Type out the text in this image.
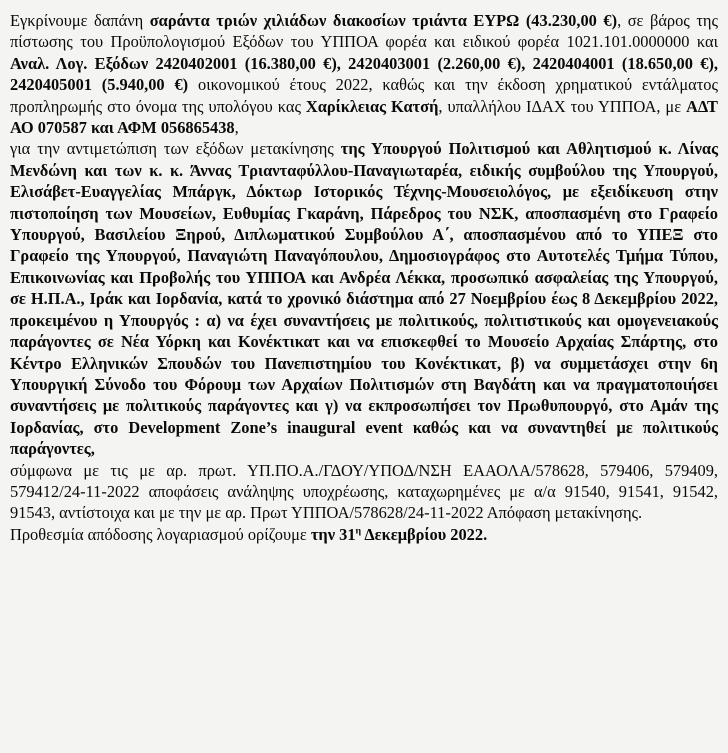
Εγκρίνουμε δαπάνη σαράντα τριών χιλιάδων διακοσίων τριάντα ΕΥΡΩ (43.230,00 €), σε βάρος της πίστωσης του Προϋπολογισμού Εξόδων του ΥΠΠΟΑ φορέα και ειδικού φορέα 1021.101.0000000 και Αναλ. Λογ. Εξόδων 2420402001 (16.380,00 €), 2420403001 (2.260,00 €), 2420404001 (18.650,00 €), 2420405001 (5.940,00 €) οικονομικού έτους 2022, καθώς και την έκδοση χρηματικού εντάλματος προπληρωμής στο όνομα της υπολόγου κας Χαρίκλειας Κατσή, υπαλλήλου ΙΔΑΧ του ΥΠΠΟΑ, με ΑΔΤ ΑΟ 070587 και ΑΦΜ 056865438,

για την αντιμετώπιση των εξόδων μετακίνησης της Υπουργού Πολιτισμού και Αθλητισμού κ. Λίνας Μενδώνη και των κ. κ. Άννας Τριανταφύλλου-Παναγιωταρέα, ειδικής συμβούλου της Υπουργού, Ελισάβετ-Ευαγγελίας Μπάργκ, Δόκτωρ Ιστορικός Τέχνης-Μουσειολόγος, με εξειδίκευση στην πιστοποίηση των Μουσείων, Ευθυμίας Γκαράνη, Πάρεδρος του ΝΣΚ, αποσπασμένη στο Γραφείο Υπουργού, Βασιλείου Ξηρού, Διπλωματικού Συμβούλου Α΄, αποσπασμένου από το ΥΠΕΞ στο Γραφείο της Υπουργού, Παναγιώτη Παναγόπουλου, Δημοσιογράφος στο Αυτοτελές Τμήμα Τύπου, Επικοινωνίας και Προβολής του ΥΠΠΟΑ και Ανδρέα Λέκκα, προσωπικό ασφαλείας της Υπουργού, σε Η.Π.Α., Ιράκ και Ιορδανία, κατά το χρονικό διάστημα από 27 Νοεμβρίου έως 8 Δεκεμβρίου 2022, προκειμένου η Υπουργός : α) να έχει συναντήσεις με πολιτικούς, πολιτιστικούς και ομογενειακούς παράγοντες σε Νέα Υόρκη και Κονέκτικατ και να επισκεφθεί το Μουσείο Αρχαίας Σπάρτης, στο Κέντρο Ελληνικών Σπουδών του Πανεπιστημίου του Κονέκτικατ, β) να συμμετάσχει στην 6η Υπουργική Σύνοδο του Φόρουμ των Αρχαίων Πολιτισμών στη Βαγδάτη και να πραγματοποιήσει συναντήσεις με πολιτικούς παράγοντες και γ) να εκπροσωπήσει τον Πρωθυπουργό, στο Αμάν της Ιορδανίας, στο Development Zone’s inaugural event καθώς και να συναντηθεί με πολιτικούς παράγοντες,

σύμφωνα με τις με αρ. πρωτ. ΥΠ.ΠΟ.Α./ΓΔΟΥ/ΥΠΟΔ/ΝΣΗ ΕΑΑΟΛΑ/578628, 579406, 579409, 579412/24-11-2022 αποφάσεις ανάληψης υποχρέωσης, καταχωρημένες με α/α 91540, 91541, 91542, 91543, αντίστοιχα και με την με αρ. Πρωτ ΥΠΠΟΑ/578628/24-11-2022 Απόφαση μετακίνησης.

Προθεσμία απόδοσης λογαριασμού ορίζουμε την $31^\eta$ Δεκεμβρίου 2022.
